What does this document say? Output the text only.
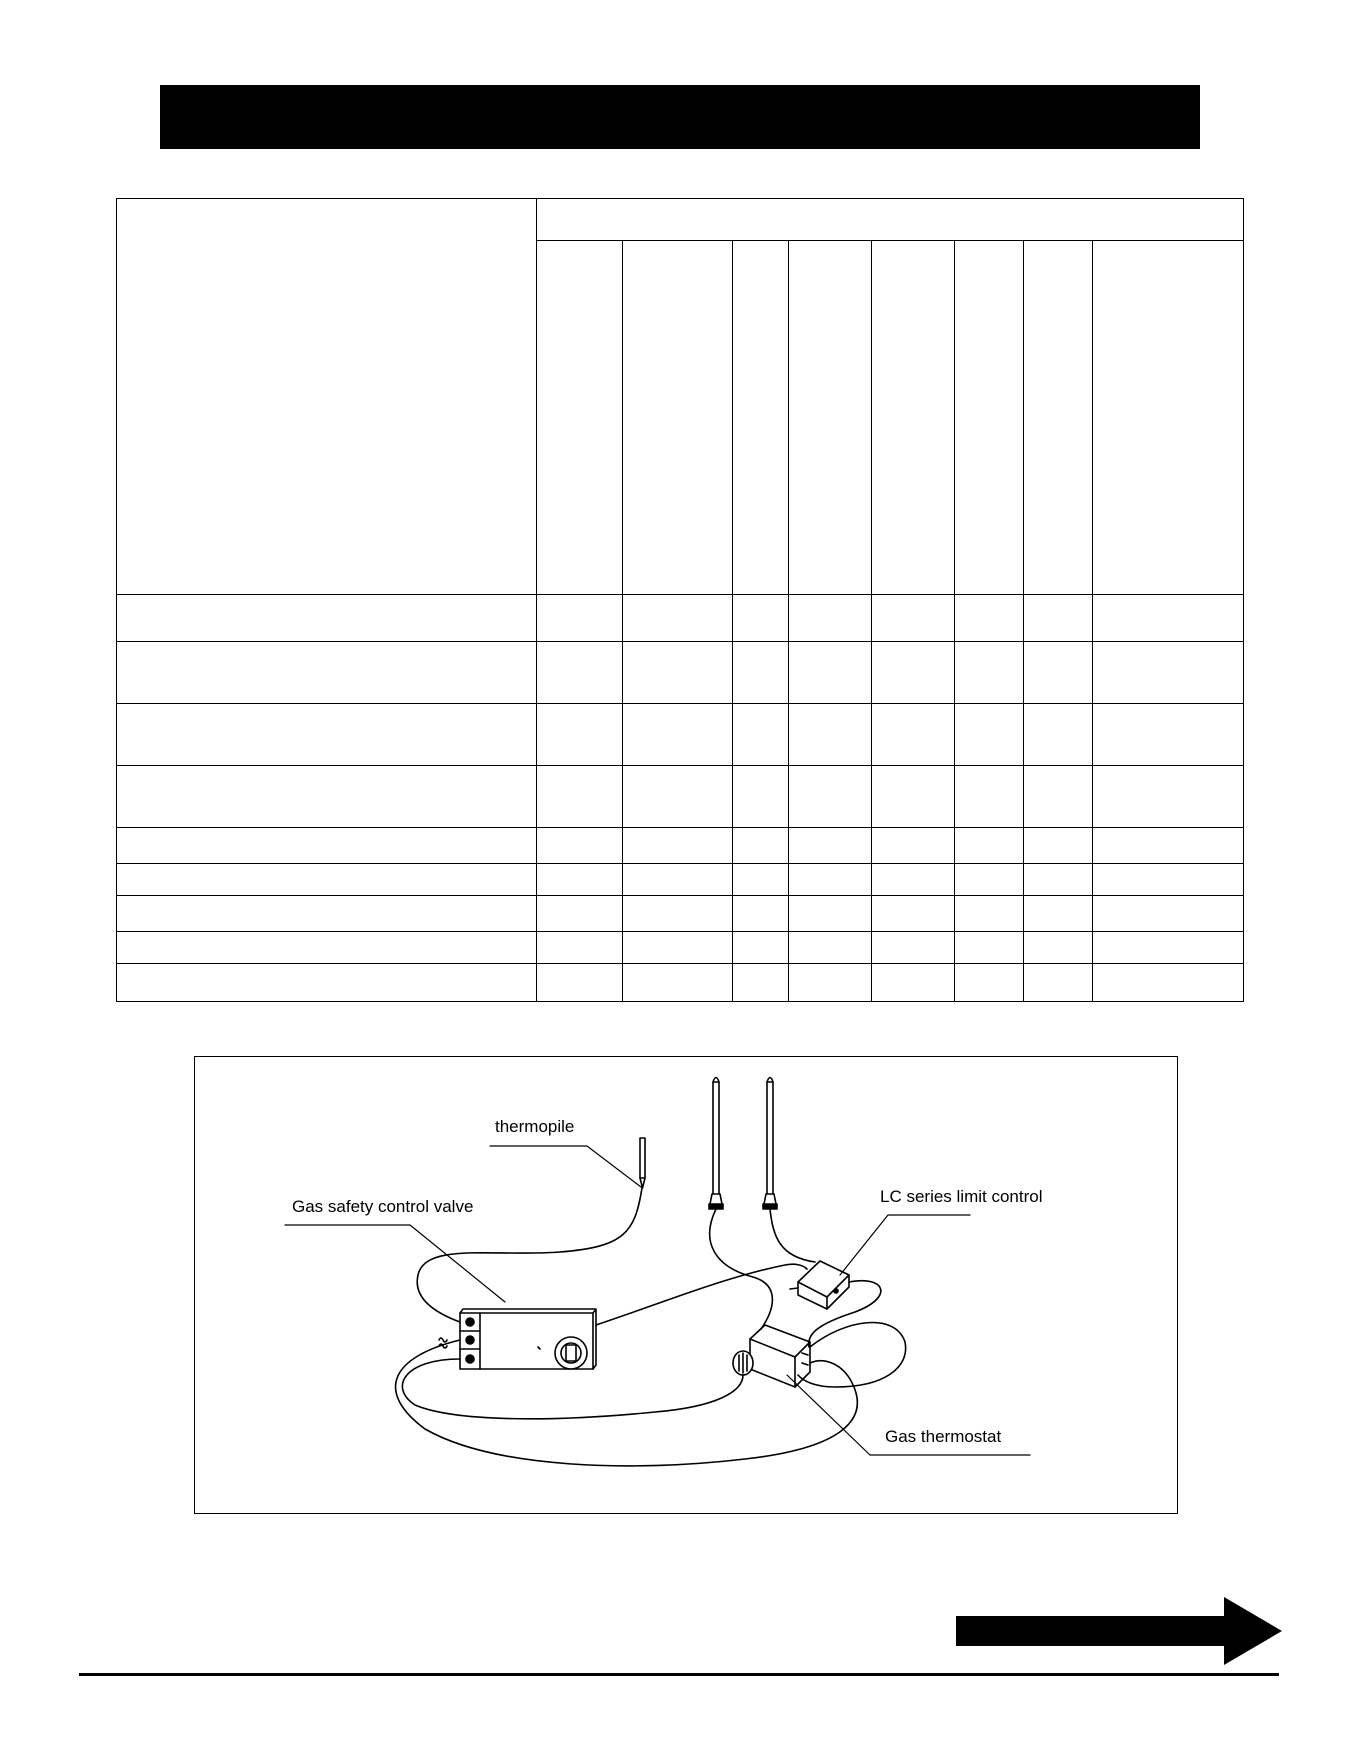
thermopile
Gas safety control valve
LC series limit control
Gas thermostat
